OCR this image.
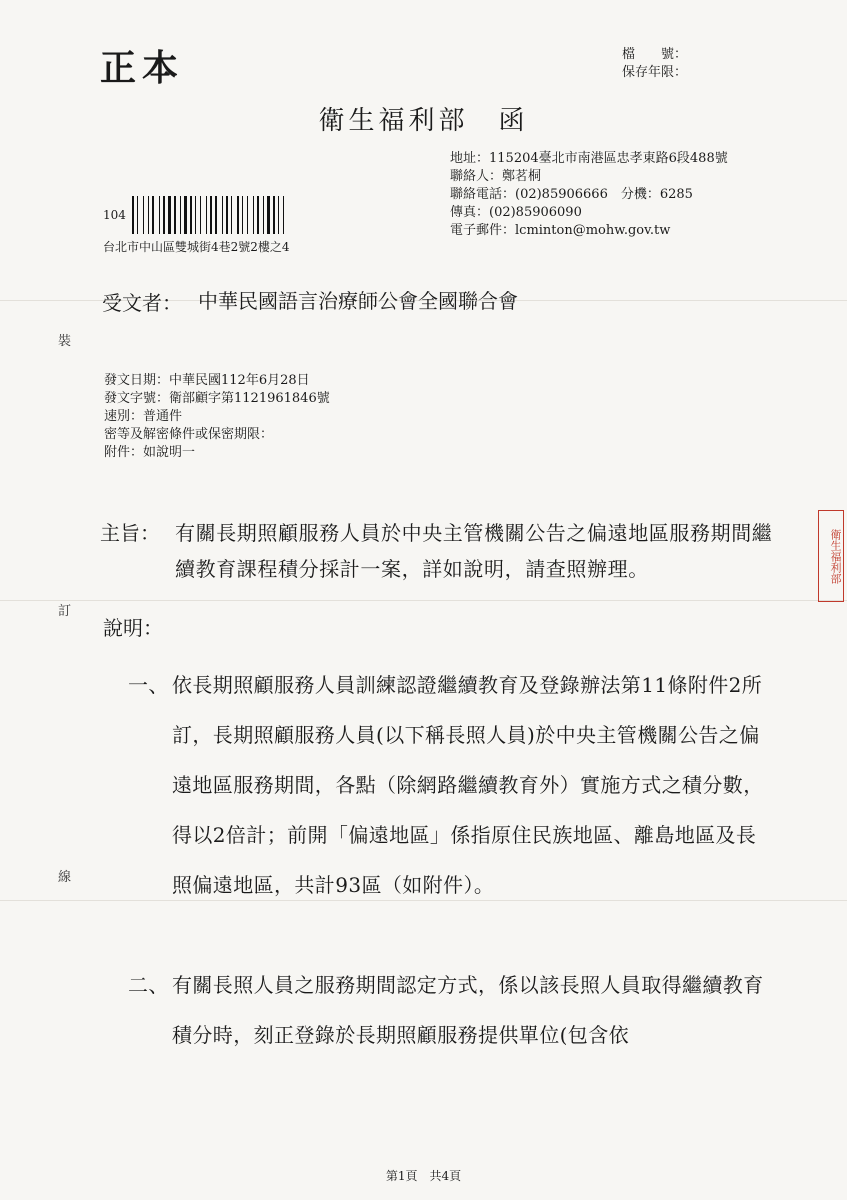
正本	檔　　號：
保存年限：
衛生福利部　函
地址：115204臺北市南港區忠孝東路6段488號
聯絡人：鄭茗桐
聯絡電話：(02)85906666　分機：6285
傳真：(02)85906090
電子郵件：lcminton@mohw.gov.tw
104
台北市中山區雙城街4巷2號2樓之4
受文者： 中華民國語言治療師公會全國聯合會
發文日期：中華民國112年6月28日
發文字號：衛部顧字第1121961846號
速別：普通件
密等及解密條件或保密期限：
附件：如說明一
主旨： 有關長期照顧服務人員於中央主管機關公告之偏遠地區服務期間繼續教育課程積分採計一案，詳如說明，請查照辦理。
說明：
一、 依長期照顧服務人員訓練認證繼續教育及登錄辦法第11條附件2所訂，長期照顧服務人員(以下稱長照人員)於中央主管機關公告之偏遠地區服務期間，各點（除網路繼續教育外）實施方式之積分數，得以2倍計；前開「偏遠地區」係指原住民族地區、離島地區及長照偏遠地區，共計93區（如附件）。
二、 有關長照人員之服務期間認定方式，係以該長照人員取得繼續教育積分時，刻正登錄於長期照顧服務提供單位(包含依
裝
訂
線
衛生福利部
第1頁　共4頁
